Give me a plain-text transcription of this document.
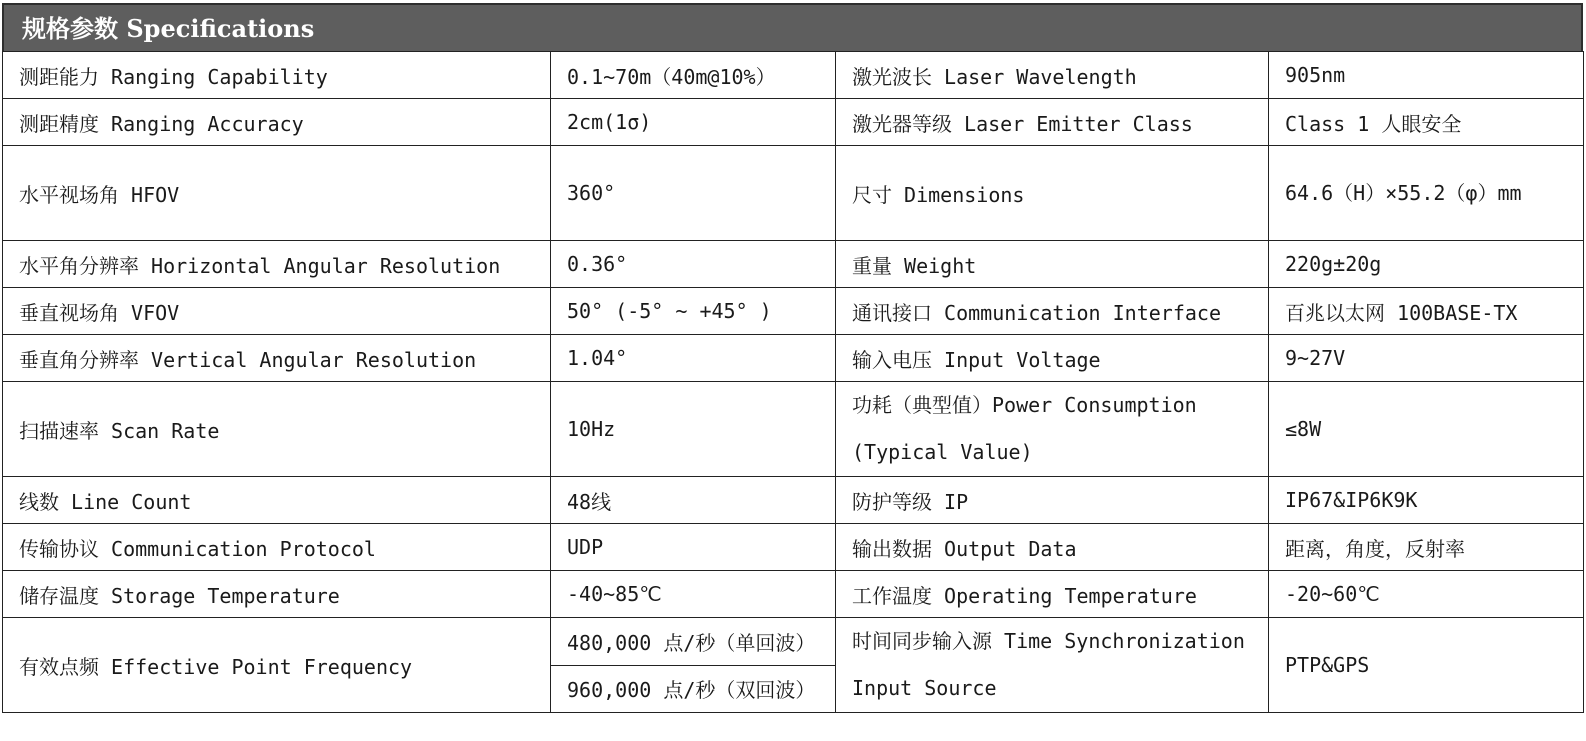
规格参数 Specifications
测距能力 Ranging Capability	0.1~70m（40m@10%）	激光波长 Laser Wavelength	905nm
测距精度 Ranging Accuracy	2cm(1σ)	激光器等级 Laser Emitter Class	Class 1 人眼安全
水平视场角 HFOV	360°	尺寸 Dimensions	64.6（H）×55.2（φ）mm
水平角分辨率 Horizontal Angular Resolution	0.36°	重量 Weight	220g±20g
垂直视场角 VFOV	50° (-5° ~ +45° )	通讯接口 Communication Interface	百兆以太网 100BASE-TX
垂直角分辨率 Vertical Angular Resolution	1.04°	输入电压 Input Voltage	9~27V
扫描速率 Scan Rate	10Hz	功耗（典型值）Power Consumption (Typical Value)	≤8W
线数 Line Count	48线	防护等级 IP	IP67&IP6K9K
传输协议 Communication Protocol	UDP	输出数据 Output Data	距离，角度，反射率
储存温度 Storage Temperature	-40~85℃	工作温度 Operating Temperature	-20~60℃
有效点频 Effective Point Frequency	480,000 点/秒（单回波）	时间同步输入源 Time Synchronization Input Source	PTP&GPS
	960,000 点/秒（双回波）		
